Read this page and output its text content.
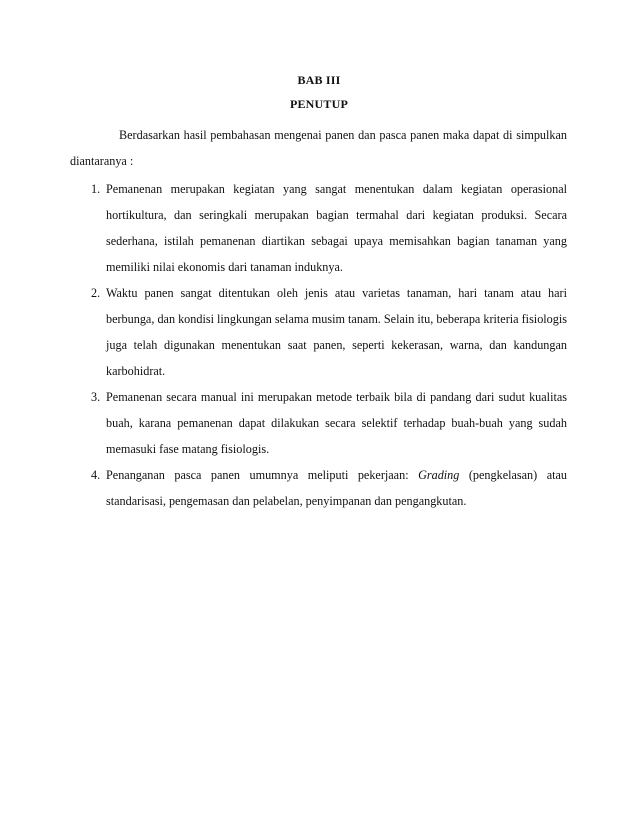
BAB III
PENUTUP

Berdasarkan hasil pembahasan mengenai panen dan pasca panen maka dapat di simpulkan diantaranya :

1. Pemanenan merupakan kegiatan yang sangat menentukan dalam kegiatan operasional hortikultura, dan seringkali merupakan bagian termahal dari kegiatan produksi. Secara sederhana, istilah pemanenan diartikan sebagai upaya memisahkan bagian tanaman yang memiliki nilai ekonomis dari tanaman induknya.
2. Waktu panen sangat ditentukan oleh jenis atau varietas tanaman, hari tanam atau hari berbunga, dan kondisi lingkungan selama musim tanam. Selain itu, beberapa kriteria fisiologis juga telah digunakan menentukan saat panen, seperti kekerasan, warna, dan kandungan karbohidrat.
3. Pemanenan secara manual ini merupakan metode terbaik bila di pandang dari sudut kualitas buah, karana pemanenan dapat dilakukan secara selektif terhadap buah-buah yang sudah memasuki fase matang fisiologis.
4. Penanganan pasca panen umumnya meliputi pekerjaan: Grading (pengkelasan) atau standarisasi, pengemasan dan pelabelan, penyimpanan dan pengangkutan.
